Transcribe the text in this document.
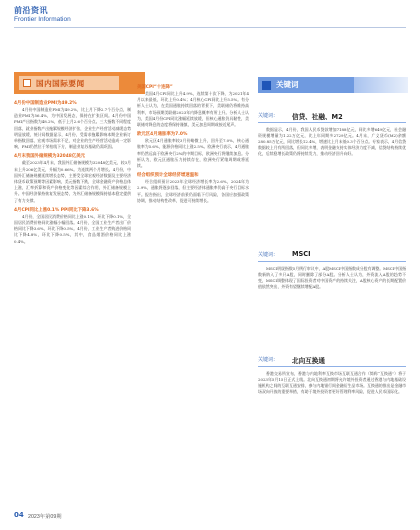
前沿资讯
Frontier Information
国内国际要闻	关键词
4月份中国制造业PMI为49.2%

4月份中国制造业PMI为49.2%，比上月下降2.7个百分点，制造业PMI为56.4%，为中国发展态，保持在扩张区间。4月份中国PMI产出指数为48.2%，低于上月2.6个百分点。三大指数不同程度回落，就业指数产出拖累规模经济扩张，企业生产经营活动减缓态势明显放缓，统计局数据显示，4月份，受需求拖累影响本期企业新订单指数回落，宏观市场需求不足，对企业的生产经营活动造成一定影响，PMI仍然位于荣枯线下方，制造业复苏基础仍需巩固。

4月末我国外储规模为32048亿美元

截至2023年4月末，我国外汇储备规模为32048亿美元，较3月末上升206亿美元，升幅为0.66%。为连续两个月增长。4月份，中国外汇储备规模延续增长态势，主要受全球宏观经济数据及主要经济体货币政策预期等因素影响，美元指数下跌，全球金融资产价格总体上涨，汇率折算和资产价格变化等因素综合作用，外汇储备规模上升。中国经济保持恢复发展态势，为外汇储备规模保持基本稳定提供了有力支撑。

4月CPI同比上涨0.1% PPI同比下降3.6%

4月份，全国居民消费价格同比上涨0.1%，环比下降0.1%，全国居民消费价格同比涨幅小幅回落。4月份，全国工业生产者出厂价格同比下降3.6%，环比下降0.5%。4月份，工业生产者购进价格同比下降4.8%，环比下降0.5%，其中，食品烟酒价格同比上涨0.4%。

美国CPI“十连降”

美国4月CPI同比上升4.9%，连续第十次下降，为2021年4月以来最低，环比上升0.4%；4月核心CPI同比上升5.5%。有分析人士认为，在美国通胀持续回落的背景下，美联储仍将维持高利率，市场预期美联储2023年内降息概率有所上升。分析人士认为，美国4月份CPI同比涨幅延续放缓，但核心通胀仍具黏性，美联储对降息的态度将保持谨慎，美元加息周期或接近尾声。

欧元区4月通胀率为7.0%

欧元区4月通胀率较3月份略微上升，回升至7.0%，核心通胀率为5.6%，能源价格同比上涨2.5%。欧洲央行表示，4月通胀率仍然远高于欧洲央行2%的中期目标，欧洲央行将继续加息。分析认为，欧元区通胀压力持续存在，欧洲央行紧缩周期或将延续。

经合组织预计全球经济增速温和

经合组织预计2023年全球经济增长率为2.6%，2024年为2.9%，通胀将逐步回落，但主要经济体通胀率仍高于央行目标水平。报告指出，全球经济前景仍面临下行风险，各国应加强政策协调，推动结构性改革，促进可持续增长。

关键词： 信贷、社融、M2

数据显示，4月份，我国人民币贷款增加7188亿元，同比多增649亿元，社会融资规模增量为1.22万亿元，比上年同期多2729亿元。4月末，广义货币(M2)余额280.85万亿元，同比增长12.4%，增速比上月末低0.3个百分点。专家表示，4月信贷数据较上月有所回落，但同比多增，表明金融支持实体经济力度不减，信贷结构持续优化，后续稳增长政策仍将持续发力，推动经济回升向好。

关键词： MSCI

MSCI明晟指数5月例行审议中，A股MSCI中国指数成分股有调整。MSCI中国指数新纳入了多只A股，同时删除了部分A股。分析人士认为，外资流入A股的趋势不变，MSCI调整体现了国际投资者对中国资产的持续关注，A股核心资产的长期配置价值依然突出，外资有望继续增配A股。

关键词： 北向互换通

香港交易所宣布，香港与内地利率互换市场互联互通合作（简称“互换通”）将于2023年5月15日正式上线。北向互换通初期将允许境外投资者通过香港与内地基础设施机构之间的互联互通安排，参与内地银行间金融衍生品市场。互换通的推出是金融市场双向开放的重要举措，有助于境外投资者更好管理利率风险，促进人民币国际化。

04 2023年第09期
